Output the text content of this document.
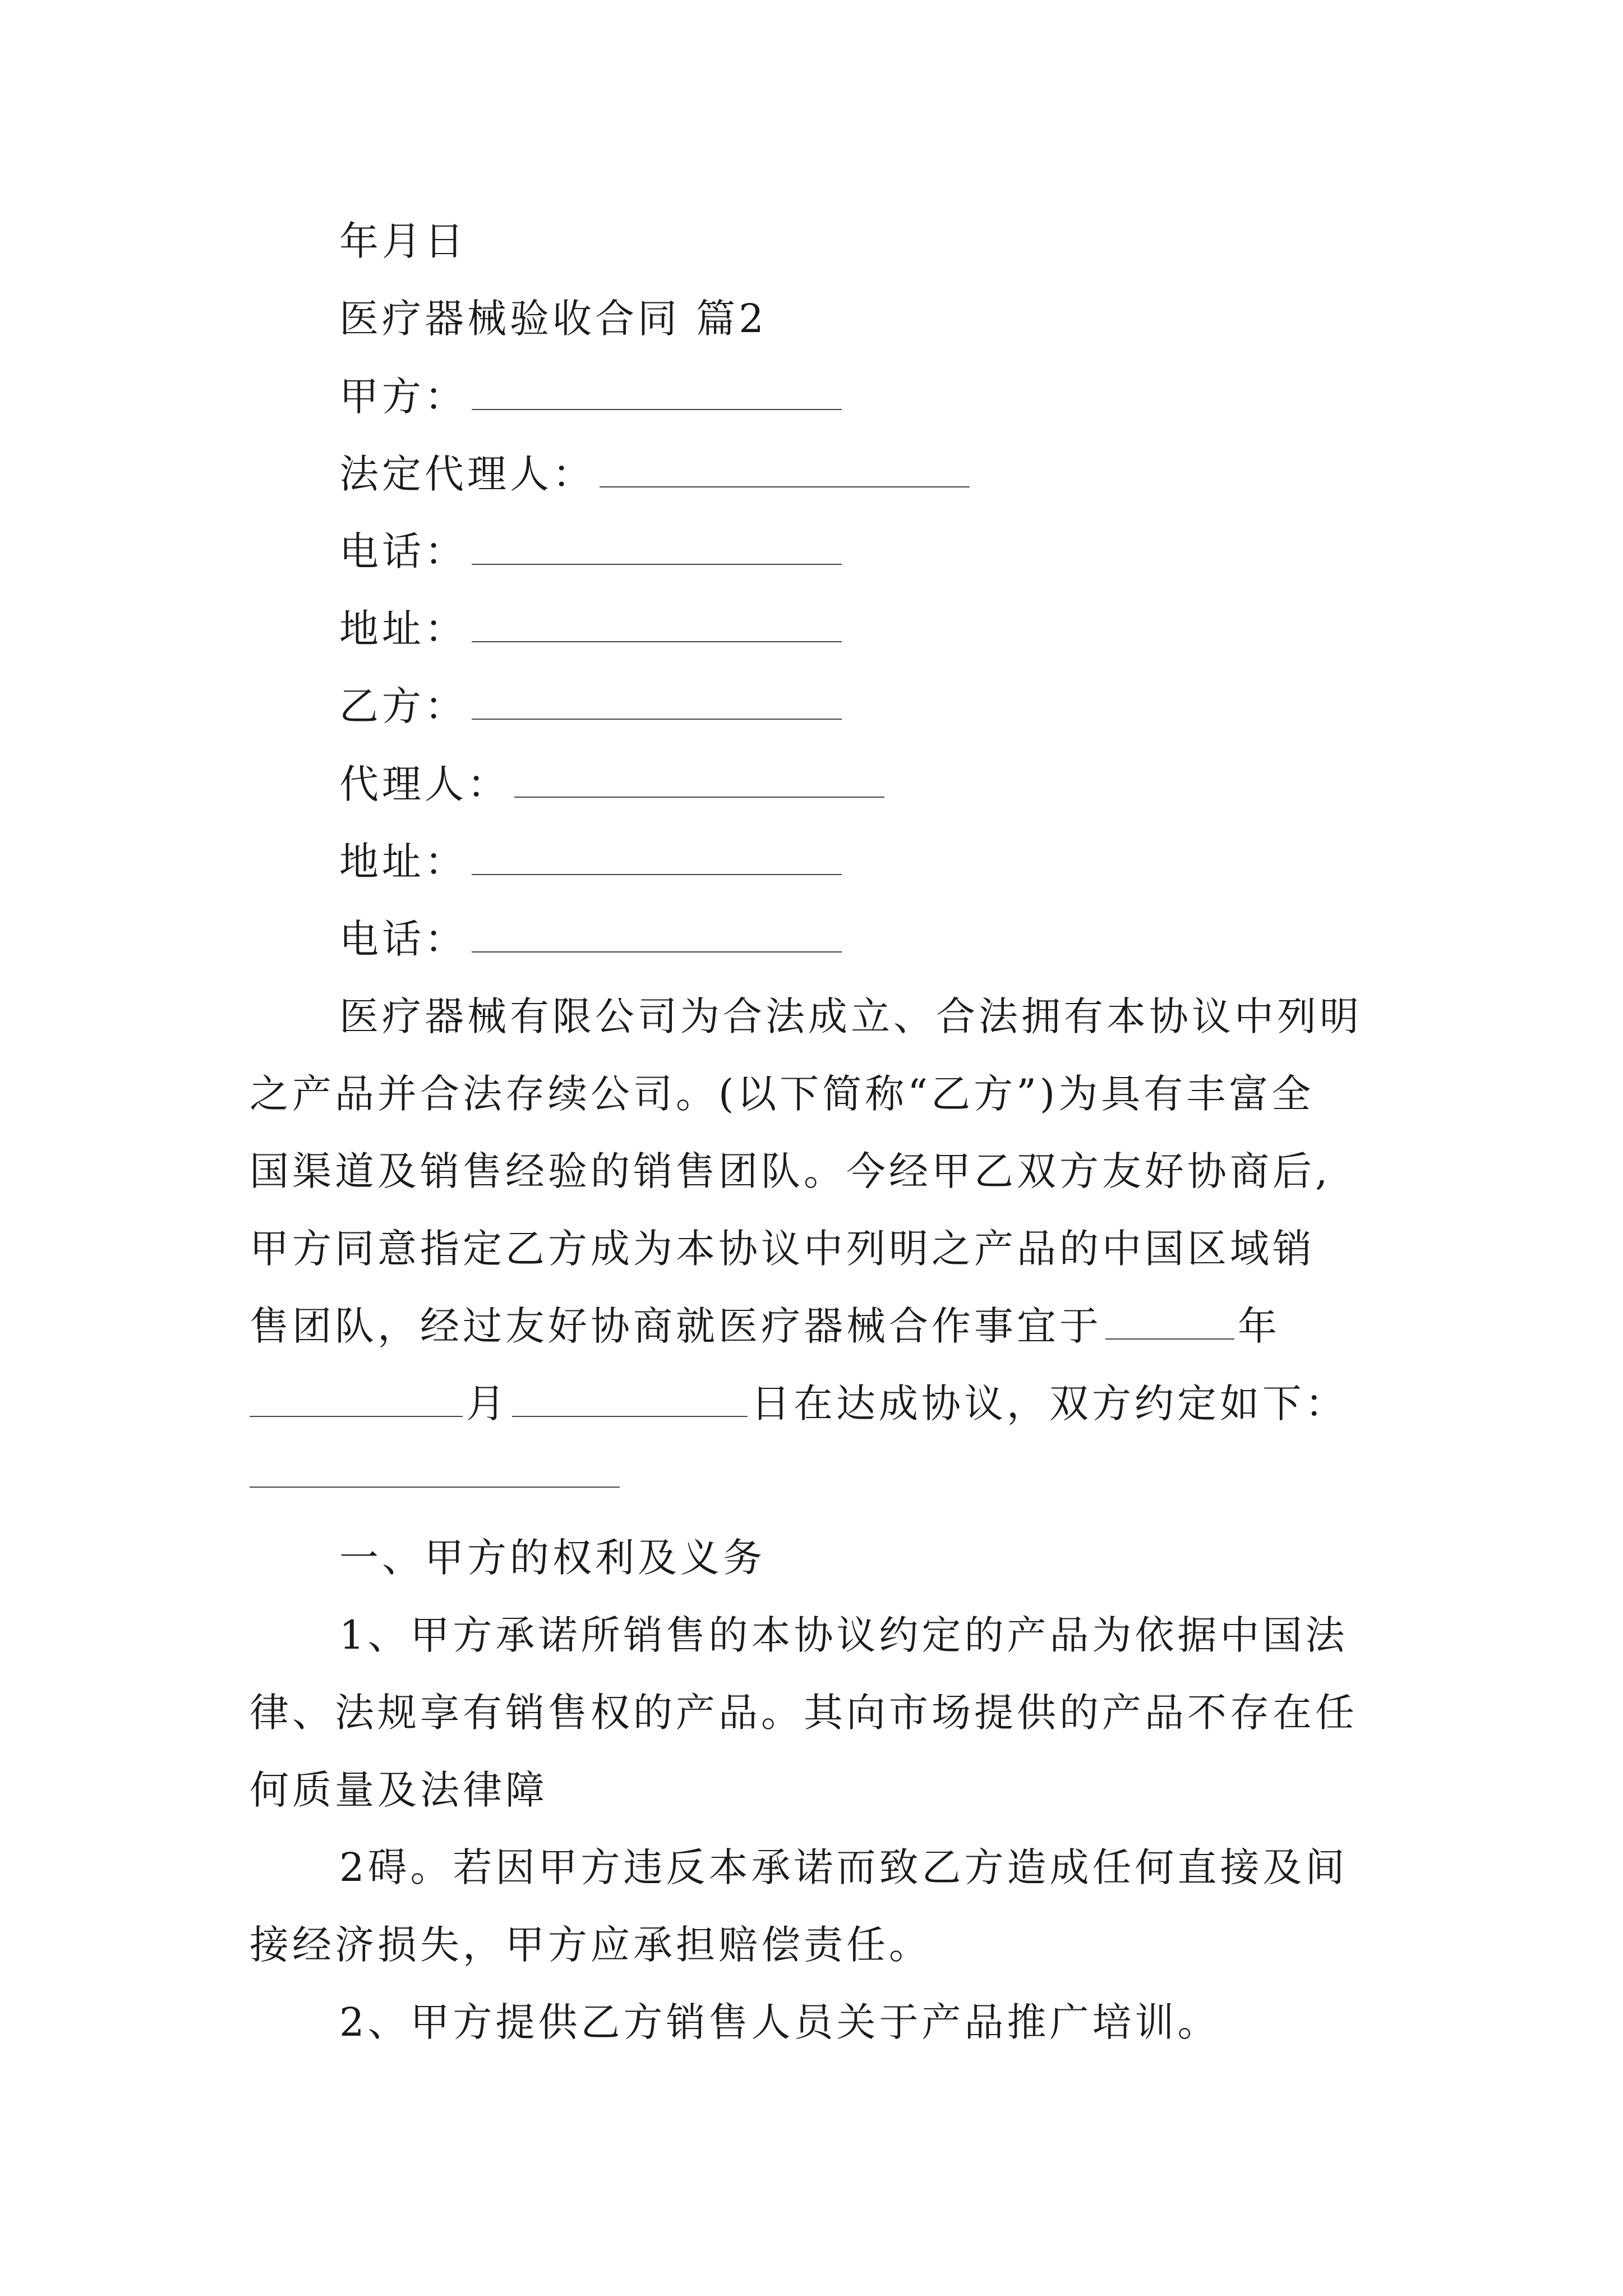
年月日
医疗器械验收合同 篇2
甲方：
法定代理人：
电话：
地址：
乙方：
代理人：
地址：
电话：
医疗器械有限公司为合法成立、合法拥有本协议中列明
之产品并合法存续公司。(以下简称“乙方”)为具有丰富全
国渠道及销售经验的销售团队。今经甲乙双方友好协商后,
甲方同意指定乙方成为本协议中列明之产品的中国区域销
售团队，经过友好协商就医疗器械合作事宜于	年
月	日在达成协议，双方约定如下：
一、甲方的权利及义务
1、甲方承诺所销售的本协议约定的产品为依据中国法
律、法规享有销售权的产品。其向市场提供的产品不存在任
何质量及法律障
2碍。若因甲方违反本承诺而致乙方造成任何直接及间
接经济损失，甲方应承担赔偿责任。
2、甲方提供乙方销售人员关于产品推广培训。
